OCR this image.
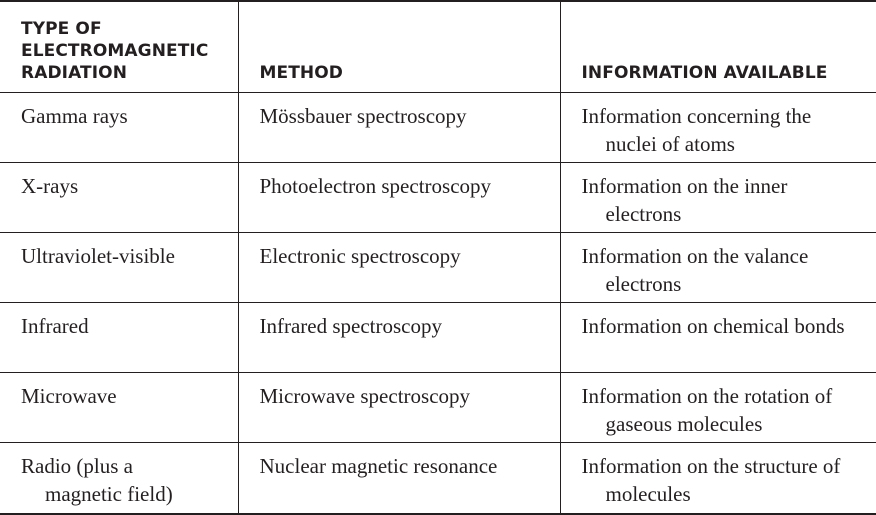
TYPE OF ELECTROMAGNETIC RADIATION	METHOD	INFORMATION AVAILABLE

Gamma rays	Mössbauer spectroscopy	Information concerning the nuclei of atoms

X-rays	Photoelectron spectroscopy	Information on the inner electrons

Ultraviolet-visible	Electronic spectroscopy	Information on the valance electrons

Infrared	Infrared spectroscopy	Information on chemical bonds

Microwave	Microwave spectroscopy	Information on the rotation of gaseous molecules

Radio (plus a magnetic field)	Nuclear magnetic resonance	Information on the structure of molecules
